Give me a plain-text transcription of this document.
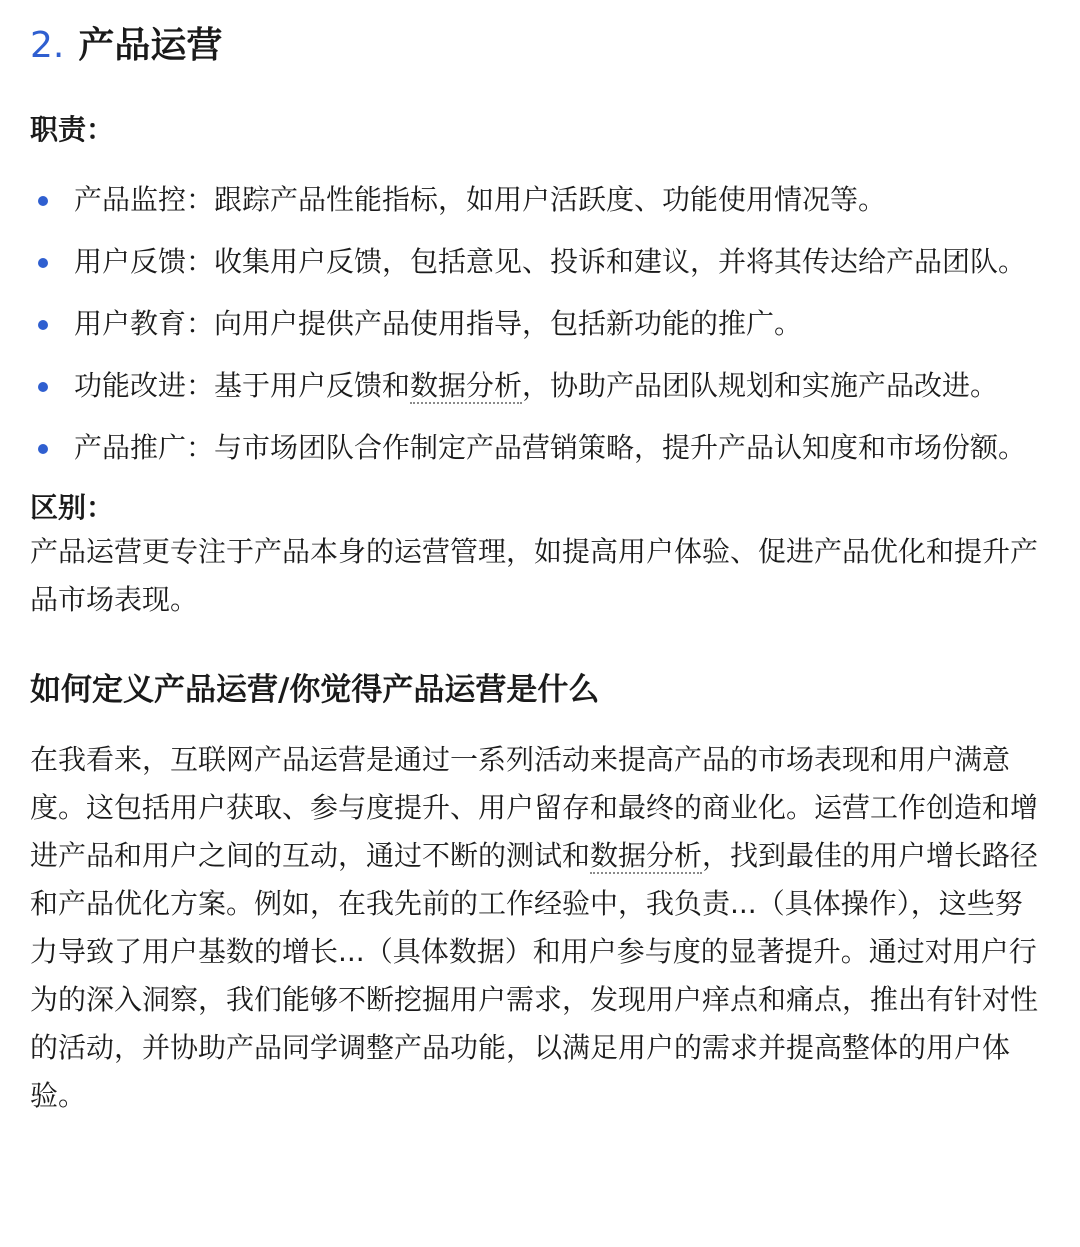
2. 产品运营

职责：

产品监控：跟踪产品性能指标，如用户活跃度、功能使用情况等。
用户反馈：收集用户反馈，包括意见、投诉和建议，并将其传达给产品团队。
用户教育：向用户提供产品使用指导，包括新功能的推广。
功能改进：基于用户反馈和数据分析，协助产品团队规划和实施产品改进。
产品推广：与市场团队合作制定产品营销策略，提升产品认知度和市场份额。

区别：

产品运营更专注于产品本身的运营管理，如提高用户体验、促进产品优化和提升产品市场表现。

如何定义产品运营/你觉得产品运营是什么

在我看来，互联网产品运营是通过一系列活动来提高产品的市场表现和用户满意度。这包括用户获取、参与度提升、用户留存和最终的商业化。运营工作创造和增进产品和用户之间的互动，通过不断的测试和数据分析，找到最佳的用户增长路径和产品优化方案。例如，在我先前的工作经验中，我负责...（具体操作），这些努力导致了用户基数的增长...（具体数据）和用户参与度的显著提升。通过对用户行为的深入洞察，我们能够不断挖掘用户需求，发现用户痒点和痛点，推出有针对性的活动，并协助产品同学调整产品功能，以满足用户的需求并提高整体的用户体验。
